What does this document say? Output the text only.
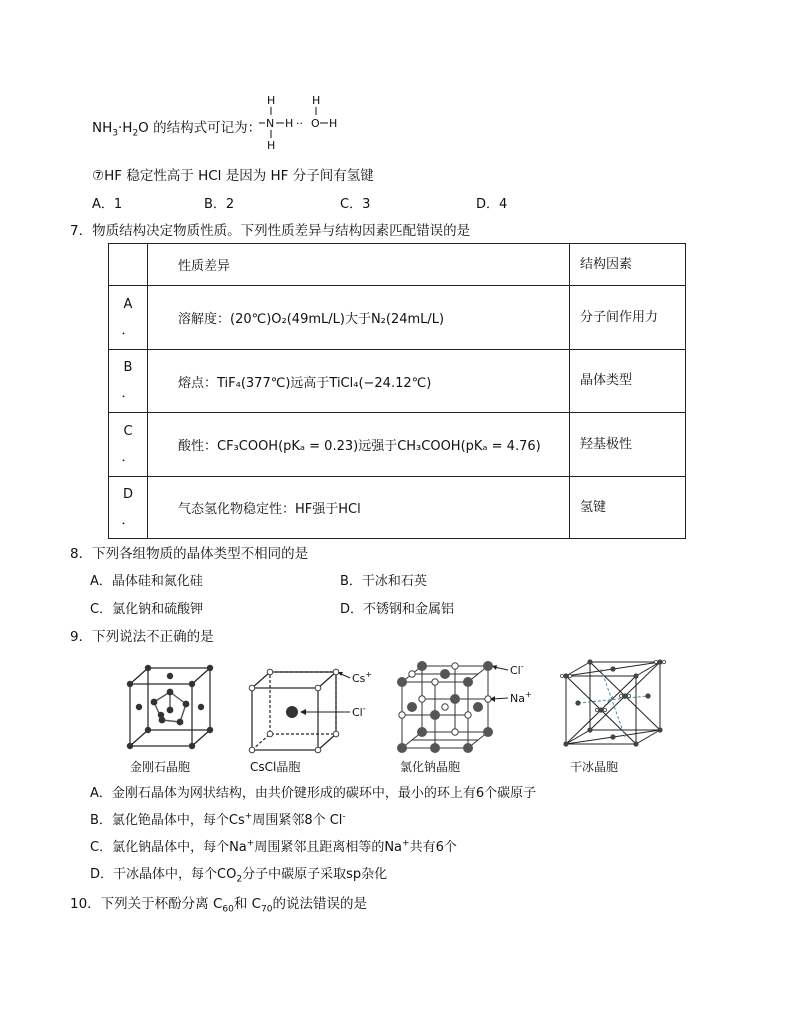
$NH_3\cdot H_2O$ 的结构式可记为：
H
N H ·· O H
H
H
⑦HF 稳定性高于 HCl 是因为 HF 分子间有氢键
A．1	B．2	C．3	D．4
7．物质结构决定物质性质。下列性质差异与结构因素匹配错误的是
	性质差异	结构因素

A
．	溶解度：(20℃)O₂(49mL/L)大于N₂(24mL/L)	分子间作用力

B
．	熔点：TiF₄(377℃)远高于TiCl₄(−24.12℃)	晶体类型

C
．	酸性：CF₃COOH(pKₐ = 0.23)远强于CH₃COOH(pKₐ = 4.76)	羟基极性

D
．	气态氢化物稳定性：HF强于HCl	氢键
8．下列各组物质的晶体类型不相同的是
A．晶体硅和氮化硅	B．干冰和石英
C．氯化钠和硫酸钾	D．不锈钢和金属铝
9．下列说法不正确的是
Cs+
Cl-
Cl-
Na+
金刚石晶胞	CsCl晶胞	氯化钠晶胞	干冰晶胞
A．金刚石晶体为网状结构，由共价键形成的碳环中，最小的环上有6个碳原子
B．氯化铯晶体中，每个Cs+周围紧邻8个 Cl-
C．氯化钠晶体中，每个Na+周围紧邻且距离相等的Na+共有6个
D．干冰晶体中，每个$CO_2$分子中碳原子采取sp杂化
10．下列关于杯酚分离 $C_{60}$和 $C_{70}$的说法错误的是
